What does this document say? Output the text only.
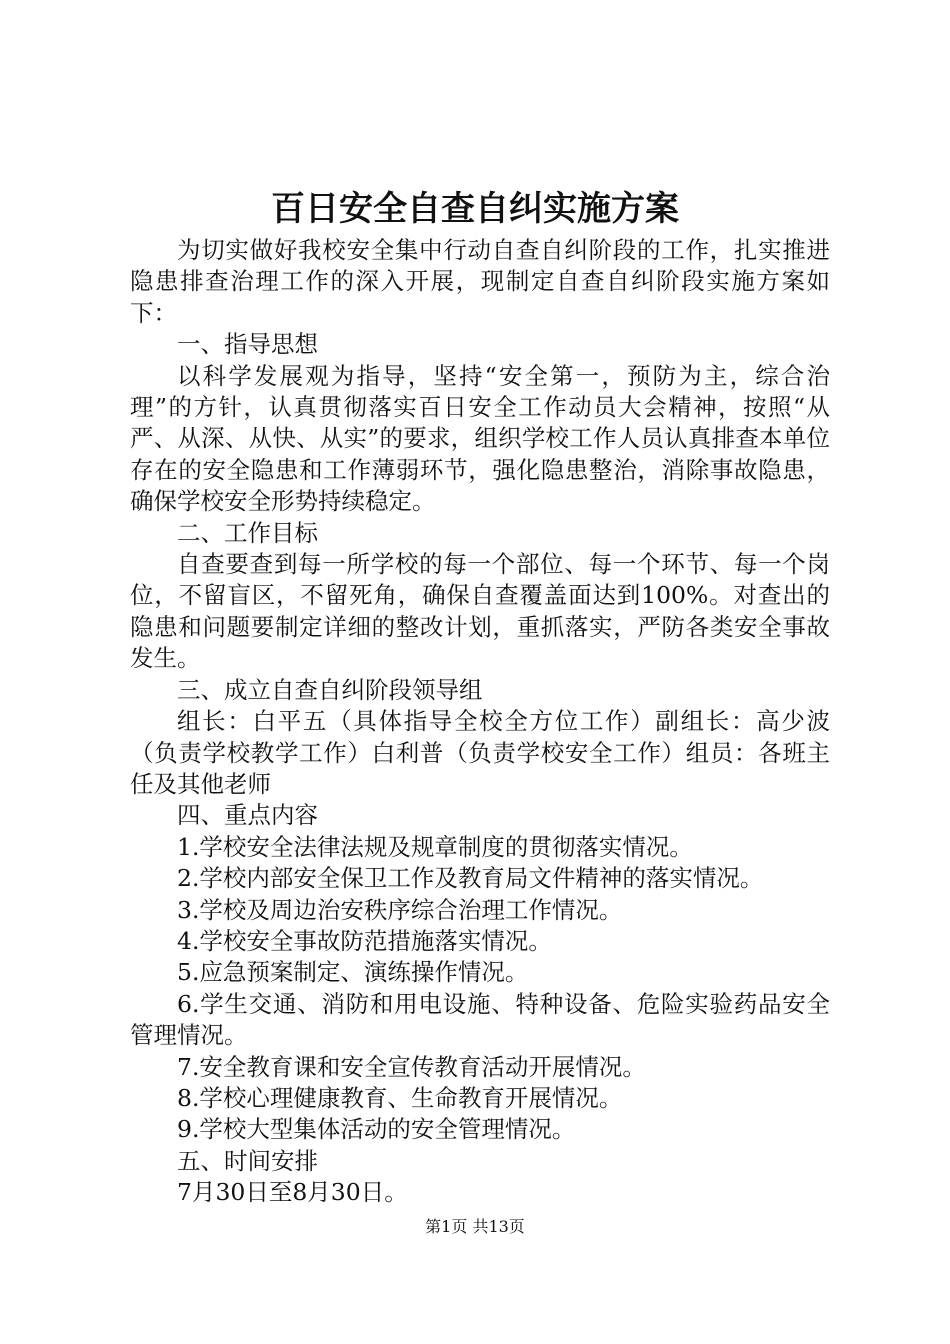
百日安全自查自纠实施方案

为切实做好我校安全集中行动自查自纠阶段的工作，扎实推进隐患排查治理工作的深入开展，现制定自查自纠阶段实施方案如下：

一、指导思想

以科学发展观为指导，坚持“安全第一，预防为主，综合治理”的方针，认真贯彻落实百日安全工作动员大会精神，按照“从严、从深、从快、从实”的要求，组织学校工作人员认真排查本单位存在的安全隐患和工作薄弱环节，强化隐患整治，消除事故隐患，确保学校安全形势持续稳定。

二、工作目标

自查要查到每一所学校的每一个部位、每一个环节、每一个岗位，不留盲区，不留死角，确保自查覆盖面达到100%。对查出的隐患和问题要制定详细的整改计划，重抓落实，严防各类安全事故发生。

三、成立自查自纠阶段领导组

组长：白平五（具体指导全校全方位工作）副组长：高少波（负责学校教学工作）白利普（负责学校安全工作）组员：各班主任及其他老师

四、重点内容

1.学校安全法律法规及规章制度的贯彻落实情况。

2.学校内部安全保卫工作及教育局文件精神的落实情况。

3.学校及周边治安秩序综合治理工作情况。

4.学校安全事故防范措施落实情况。

5.应急预案制定、演练操作情况。

6.学生交通、消防和用电设施、特种设备、危险实验药品安全管理情况。

7.安全教育课和安全宣传教育活动开展情况。

8.学校心理健康教育、生命教育开展情况。

9.学校大型集体活动的安全管理情况。

五、时间安排

7月30日至8月30日。

第1页 共13页
